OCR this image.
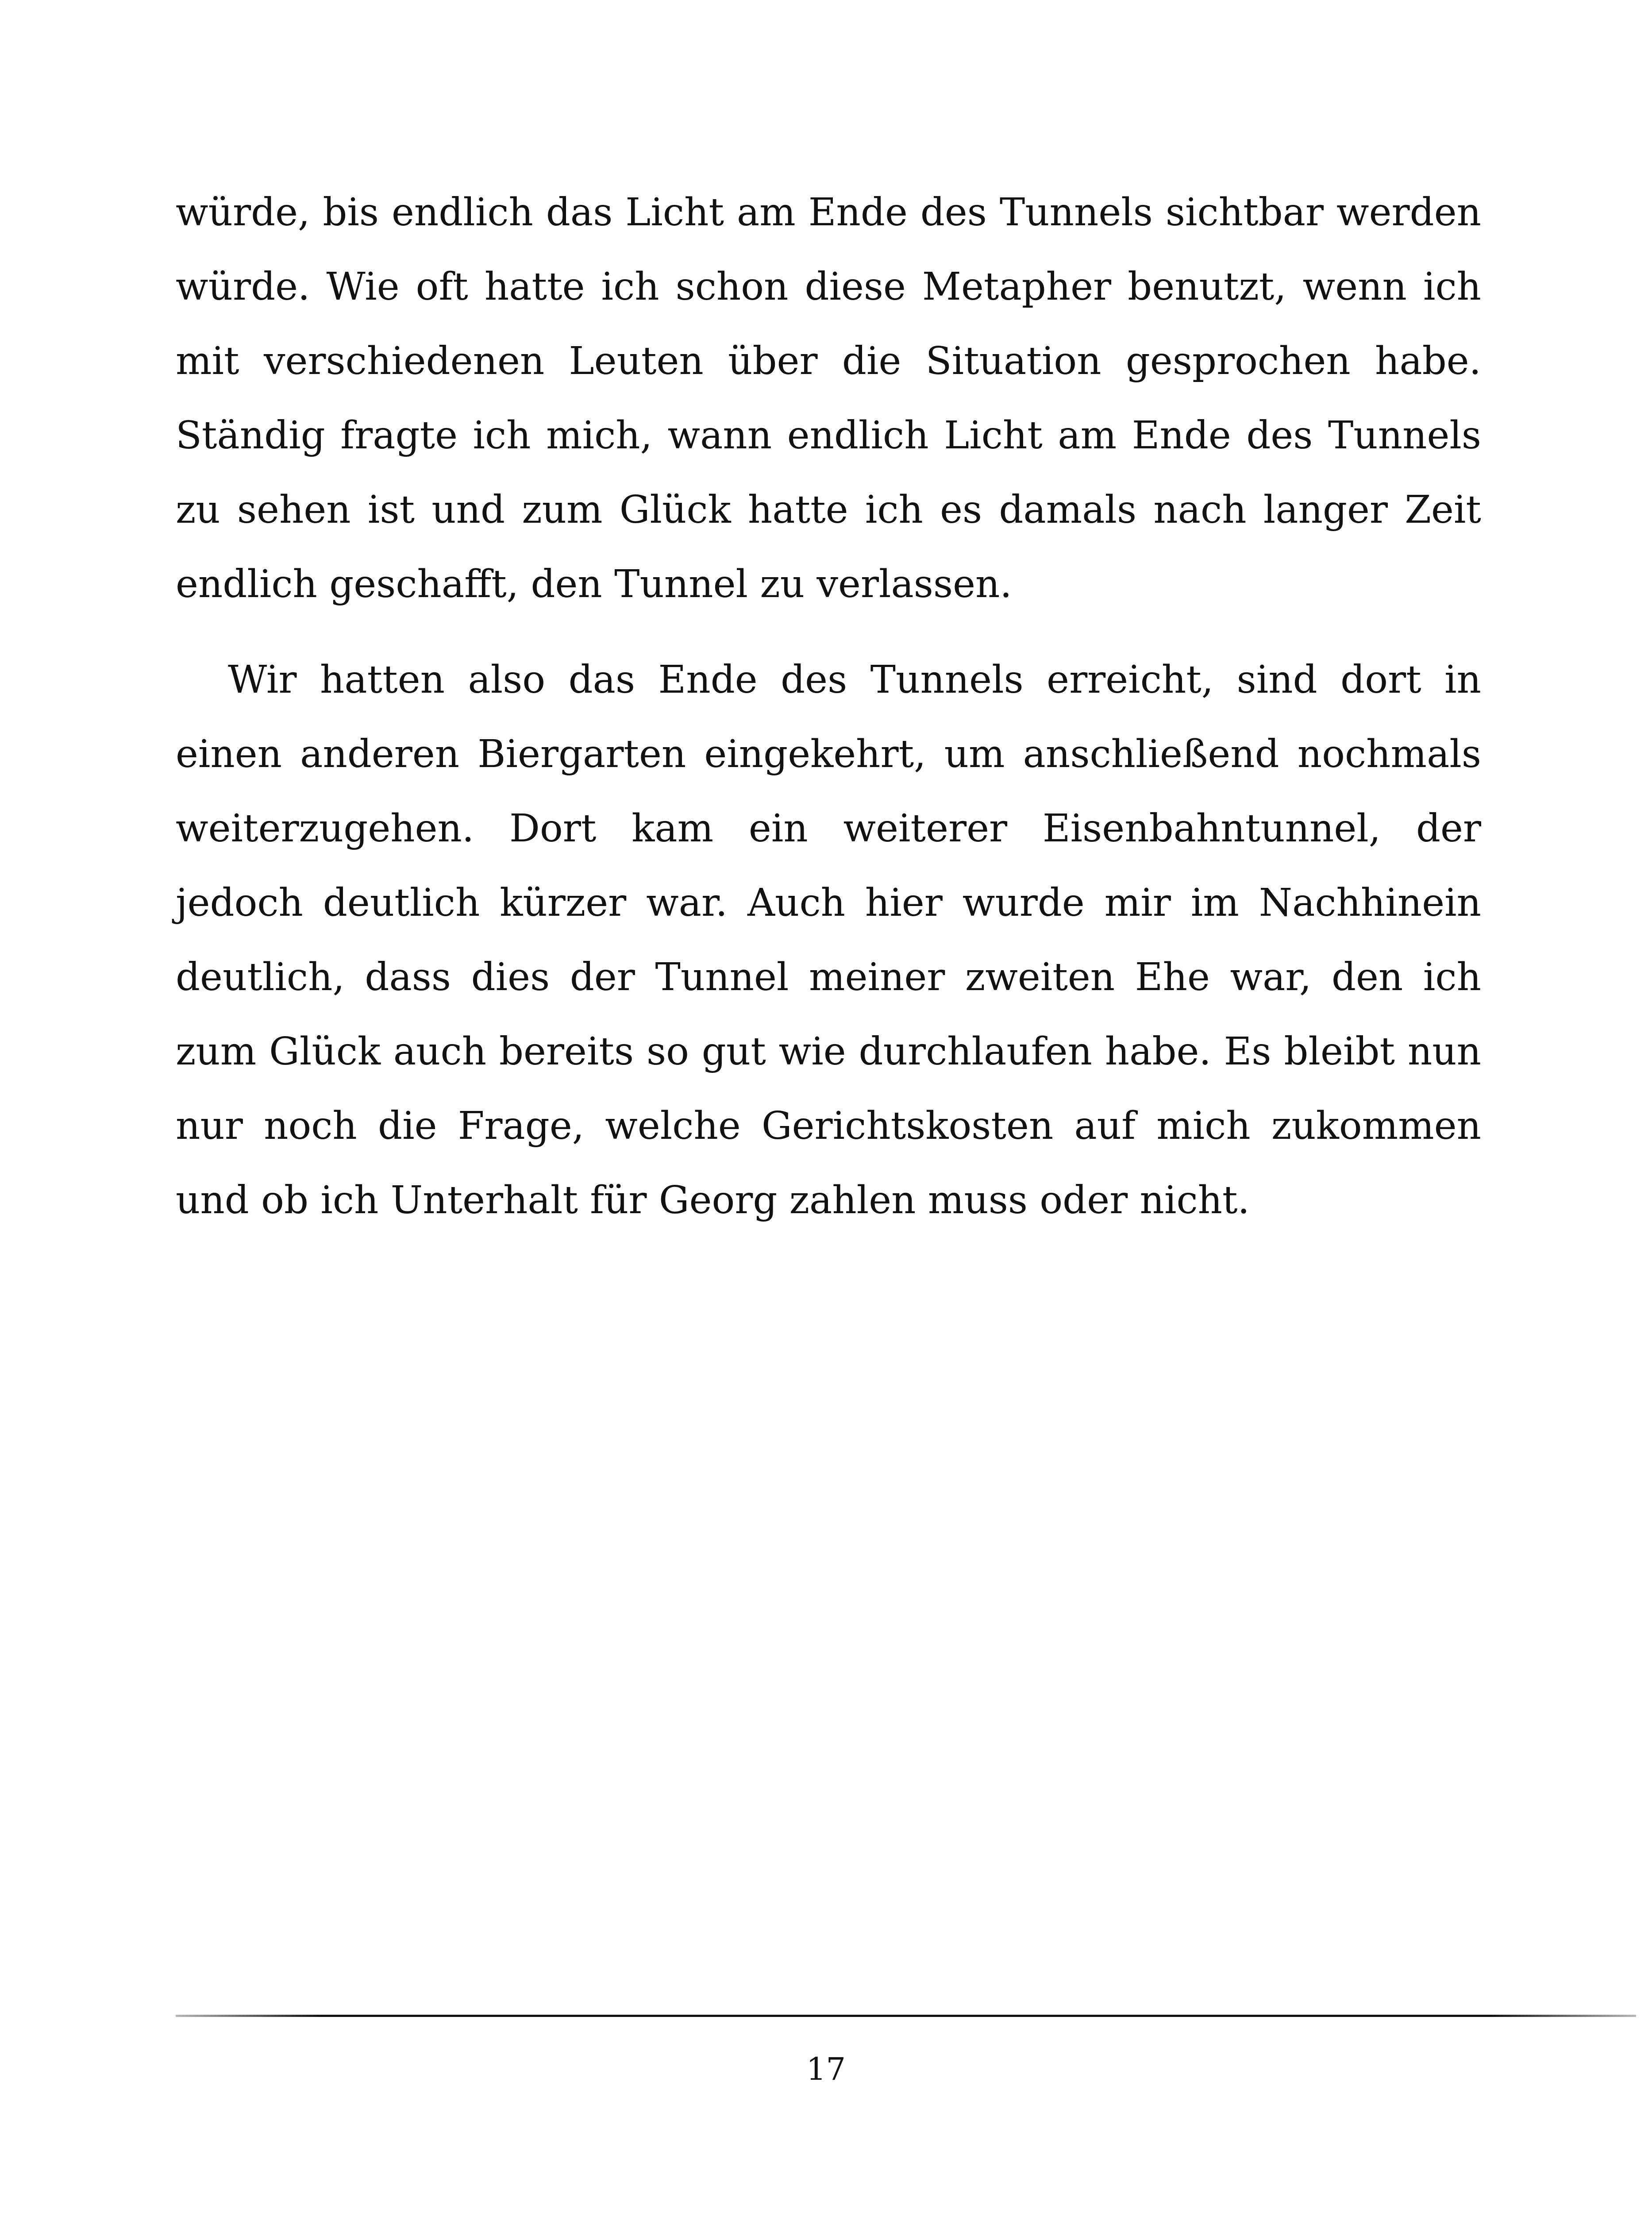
würde, bis endlich das Licht am Ende des Tunnels sichtbar werden würde. Wie oft hatte ich schon diese Metapher benutzt, wenn ich mit verschiedenen Leuten über die Situation gesprochen habe. Ständig fragte ich mich, wann endlich Licht am Ende des Tunnels zu sehen ist und zum Glück hatte ich es damals nach langer Zeit endlich geschafft, den Tunnel zu verlassen.

Wir hatten also das Ende des Tunnels erreicht, sind dort in einen anderen Biergarten eingekehrt, um anschließend nochmals weiterzugehen. Dort kam ein weiterer Eisenbahntunnel, der jedoch deutlich kürzer war. Auch hier wurde mir im Nachhinein deutlich, dass dies der Tunnel meiner zweiten Ehe war, den ich zum Glück auch bereits so gut wie durchlaufen habe. Es bleibt nun nur noch die Frage, welche Gerichtskosten auf mich zukommen und ob ich Unterhalt für Georg zahlen muss oder nicht.

17
